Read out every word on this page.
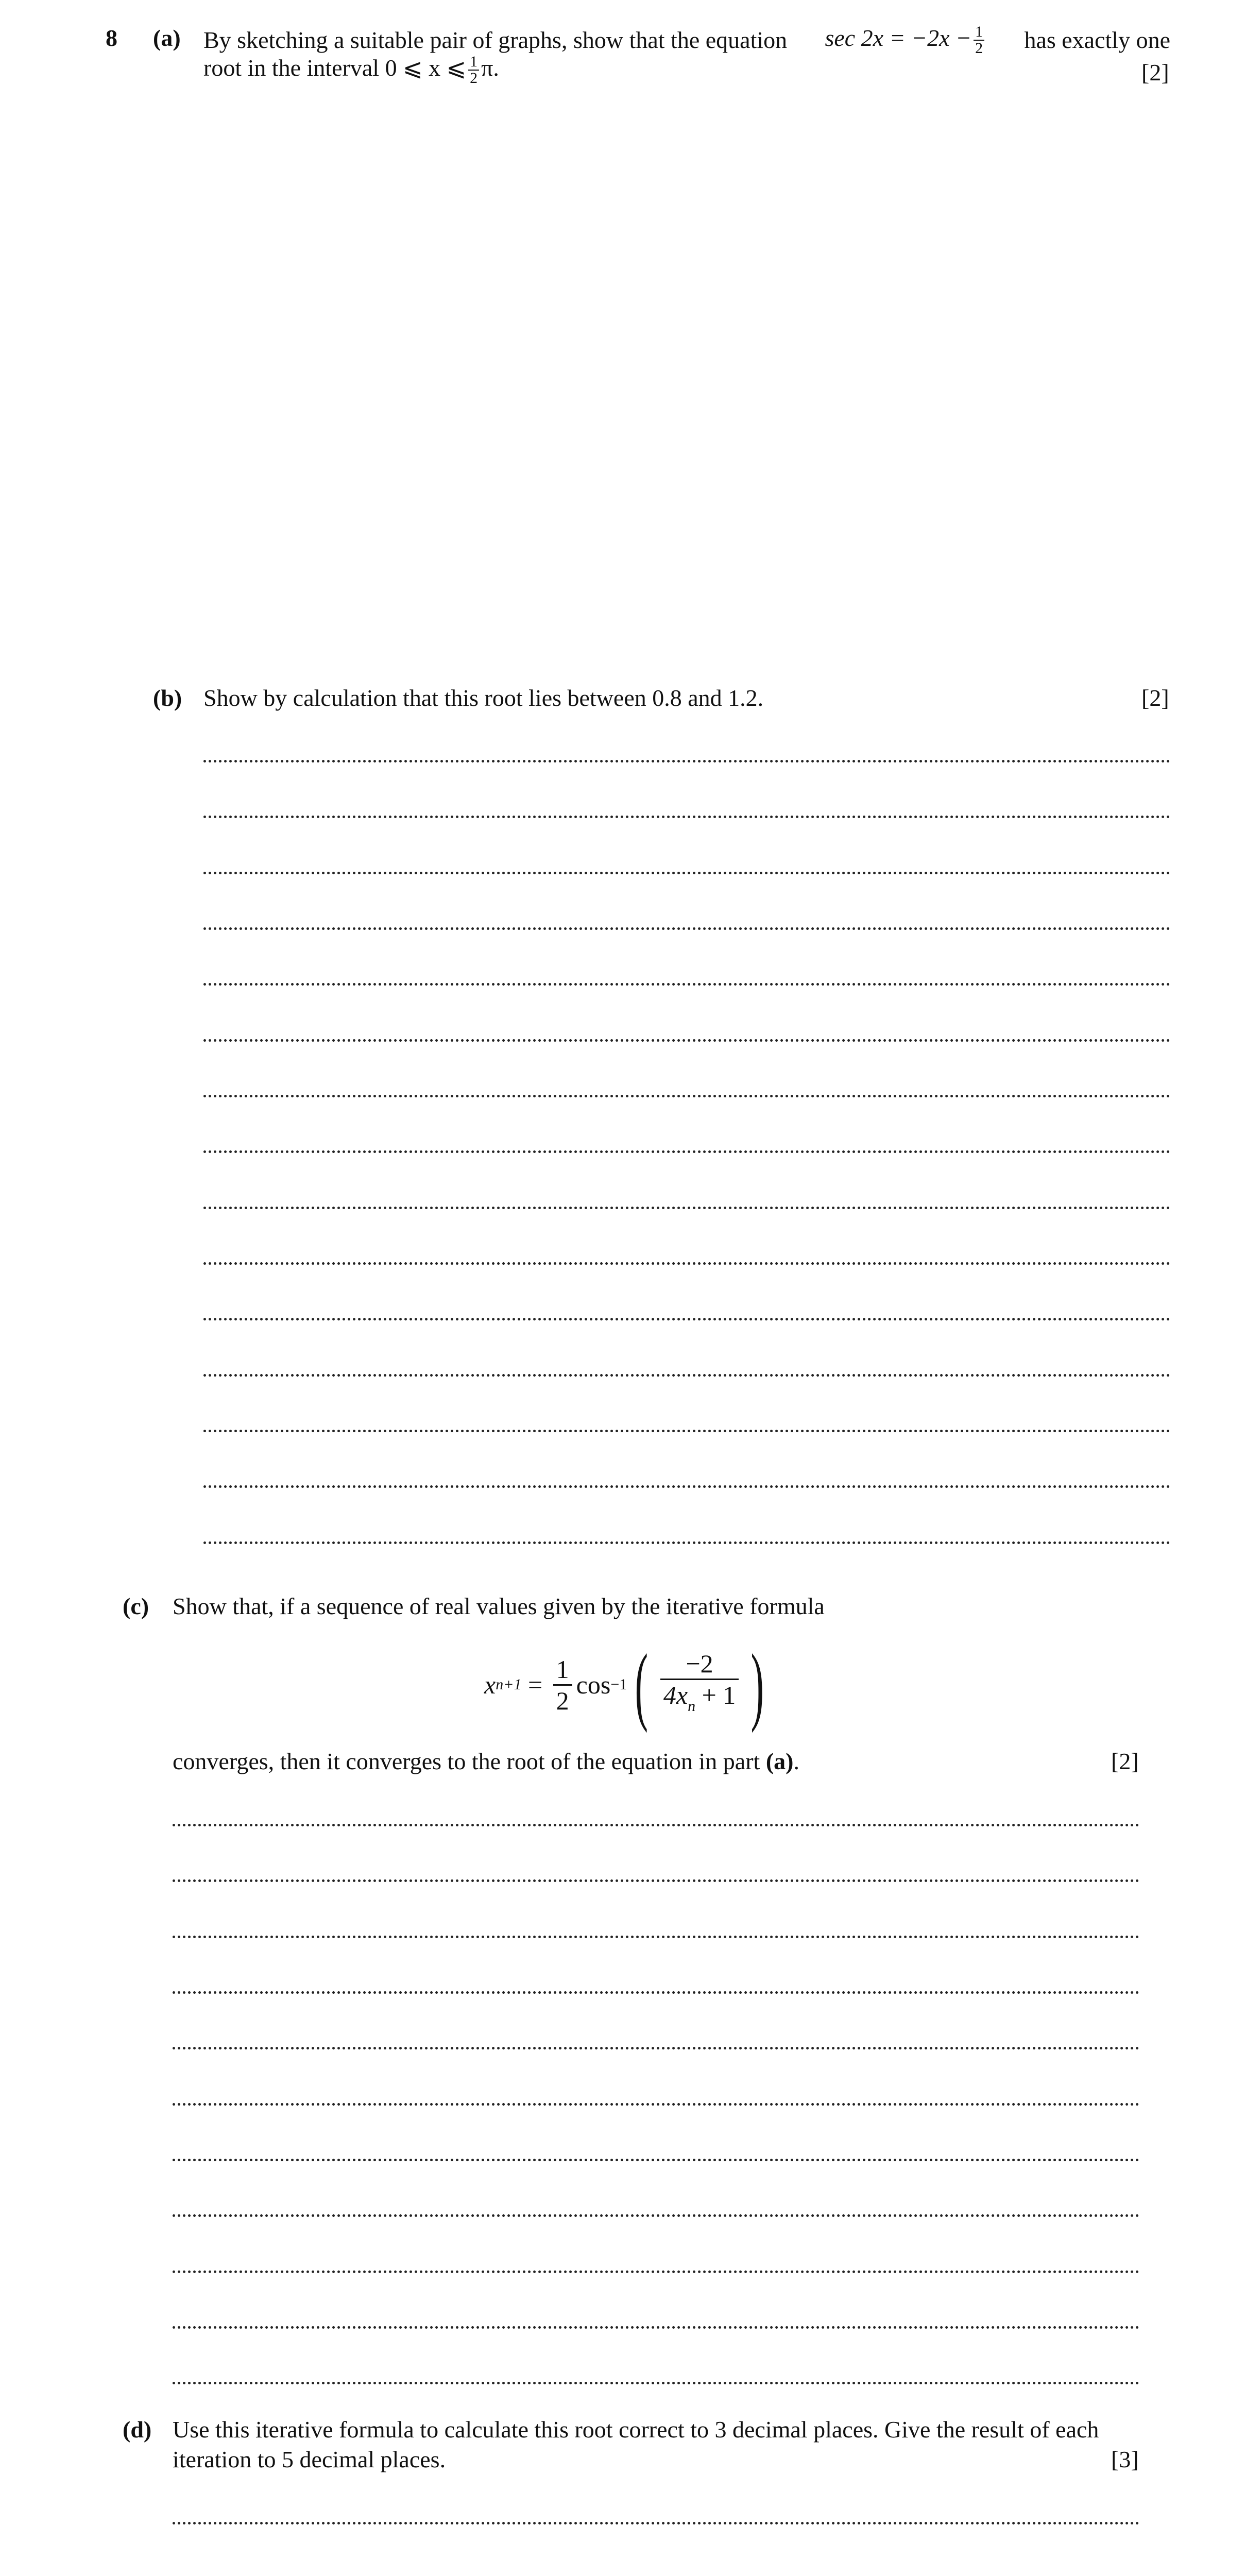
8 (a) By sketching a suitable pair of graphs, show that the equation $\sec 2x = -2x - \frac{1}{2}$ has exactly one
root in the interval 0 ⩽ x ⩽ $\frac{1}{2} \pi$.	[2]
(b) Show by calculation that this root lies between 0.8 and 1.2.	[2]
(c) Show that, if a sequence of real values given by the iterative formula
x $n+1 = \frac{1}{2}$ cos −1 ( $\frac{-2}{4x_n + 1}$ )
converges, then it converges to the root of the equation in part (a).	[2]
(d) Use this iterative formula to calculate this root correct to 3 decimal places. Give the result of each
iteration to 5 decimal places.	[3]
